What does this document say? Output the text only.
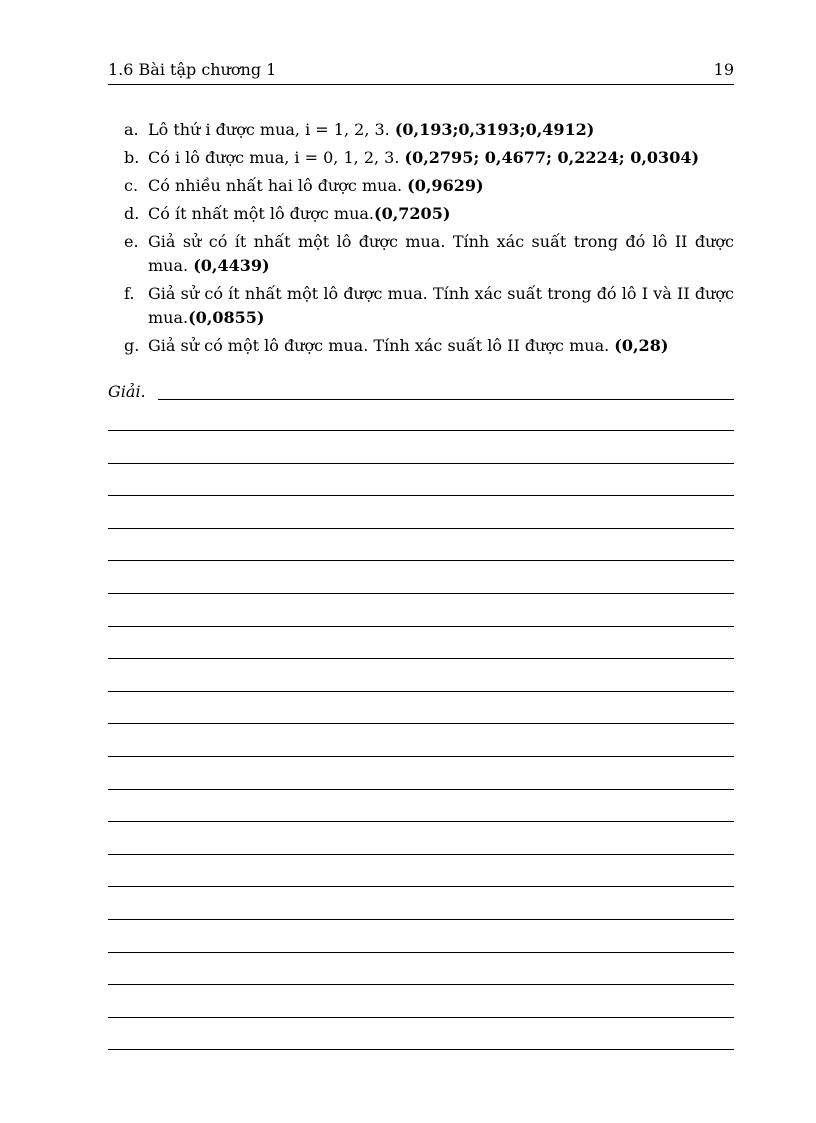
1.6 Bài tập chương 1	19
a. Lô thứ i được mua, i = 1, 2, 3. (0,193;0,3193;0,4912)
b. Có i lô được mua, i = 0, 1, 2, 3. (0,2795; 0,4677; 0,2224; 0,0304)
c. Có nhiều nhất hai lô được mua. (0,9629)
d. Có ít nhất một lô được mua.(0,7205)
e. Giả sử có ít nhất một lô được mua. Tính xác suất trong đó lô II được mua. (0,4439)
f. Giả sử có ít nhất một lô được mua. Tính xác suất trong đó lô I và II được mua.(0,0855)
g. Giả sử có một lô được mua. Tính xác suất lô II được mua. (0,28)
Giải.
